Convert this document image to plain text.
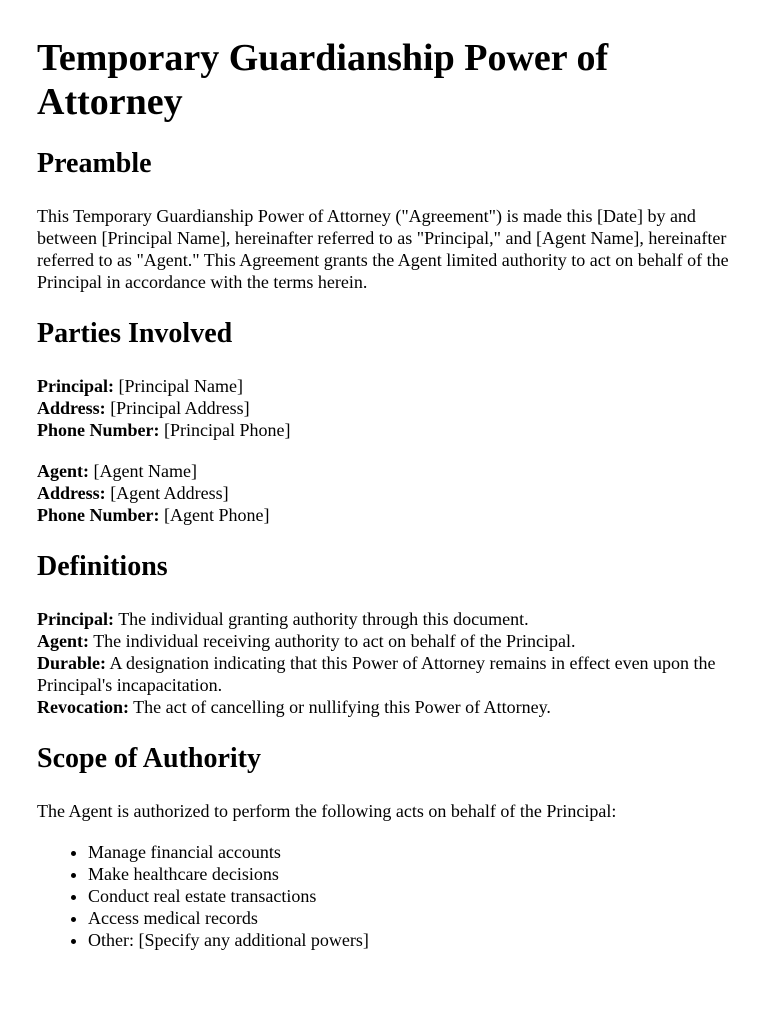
Temporary Guardianship Power of Attorney
Preamble

This Temporary Guardianship Power of Attorney ("Agreement") is made this [Date] by and between [Principal Name], hereinafter referred to as "Principal," and [Agent Name], hereinafter referred to as "Agent." This Agreement grants the Agent limited authority to act on behalf of the Principal in accordance with the terms herein.

Parties Involved
Principal: [Principal Name]
Address: [Principal Address]
Phone Number: [Principal Phone]
Agent: [Agent Name]
Address: [Agent Address]
Phone Number: [Agent Phone]
Definitions
Principal: The individual granting authority through this document.
Agent: The individual receiving authority to act on behalf of the Principal.
Durable: A designation indicating that this Power of Attorney remains in effect even upon the Principal's incapacitation.
Revocation: The act of cancelling or nullifying this Power of Attorney.
Scope of Authority

The Agent is authorized to perform the following acts on behalf of the Principal:

• Manage financial accounts
• Make healthcare decisions
• Conduct real estate transactions
• Access medical records
• Other: [Specify any additional powers]
